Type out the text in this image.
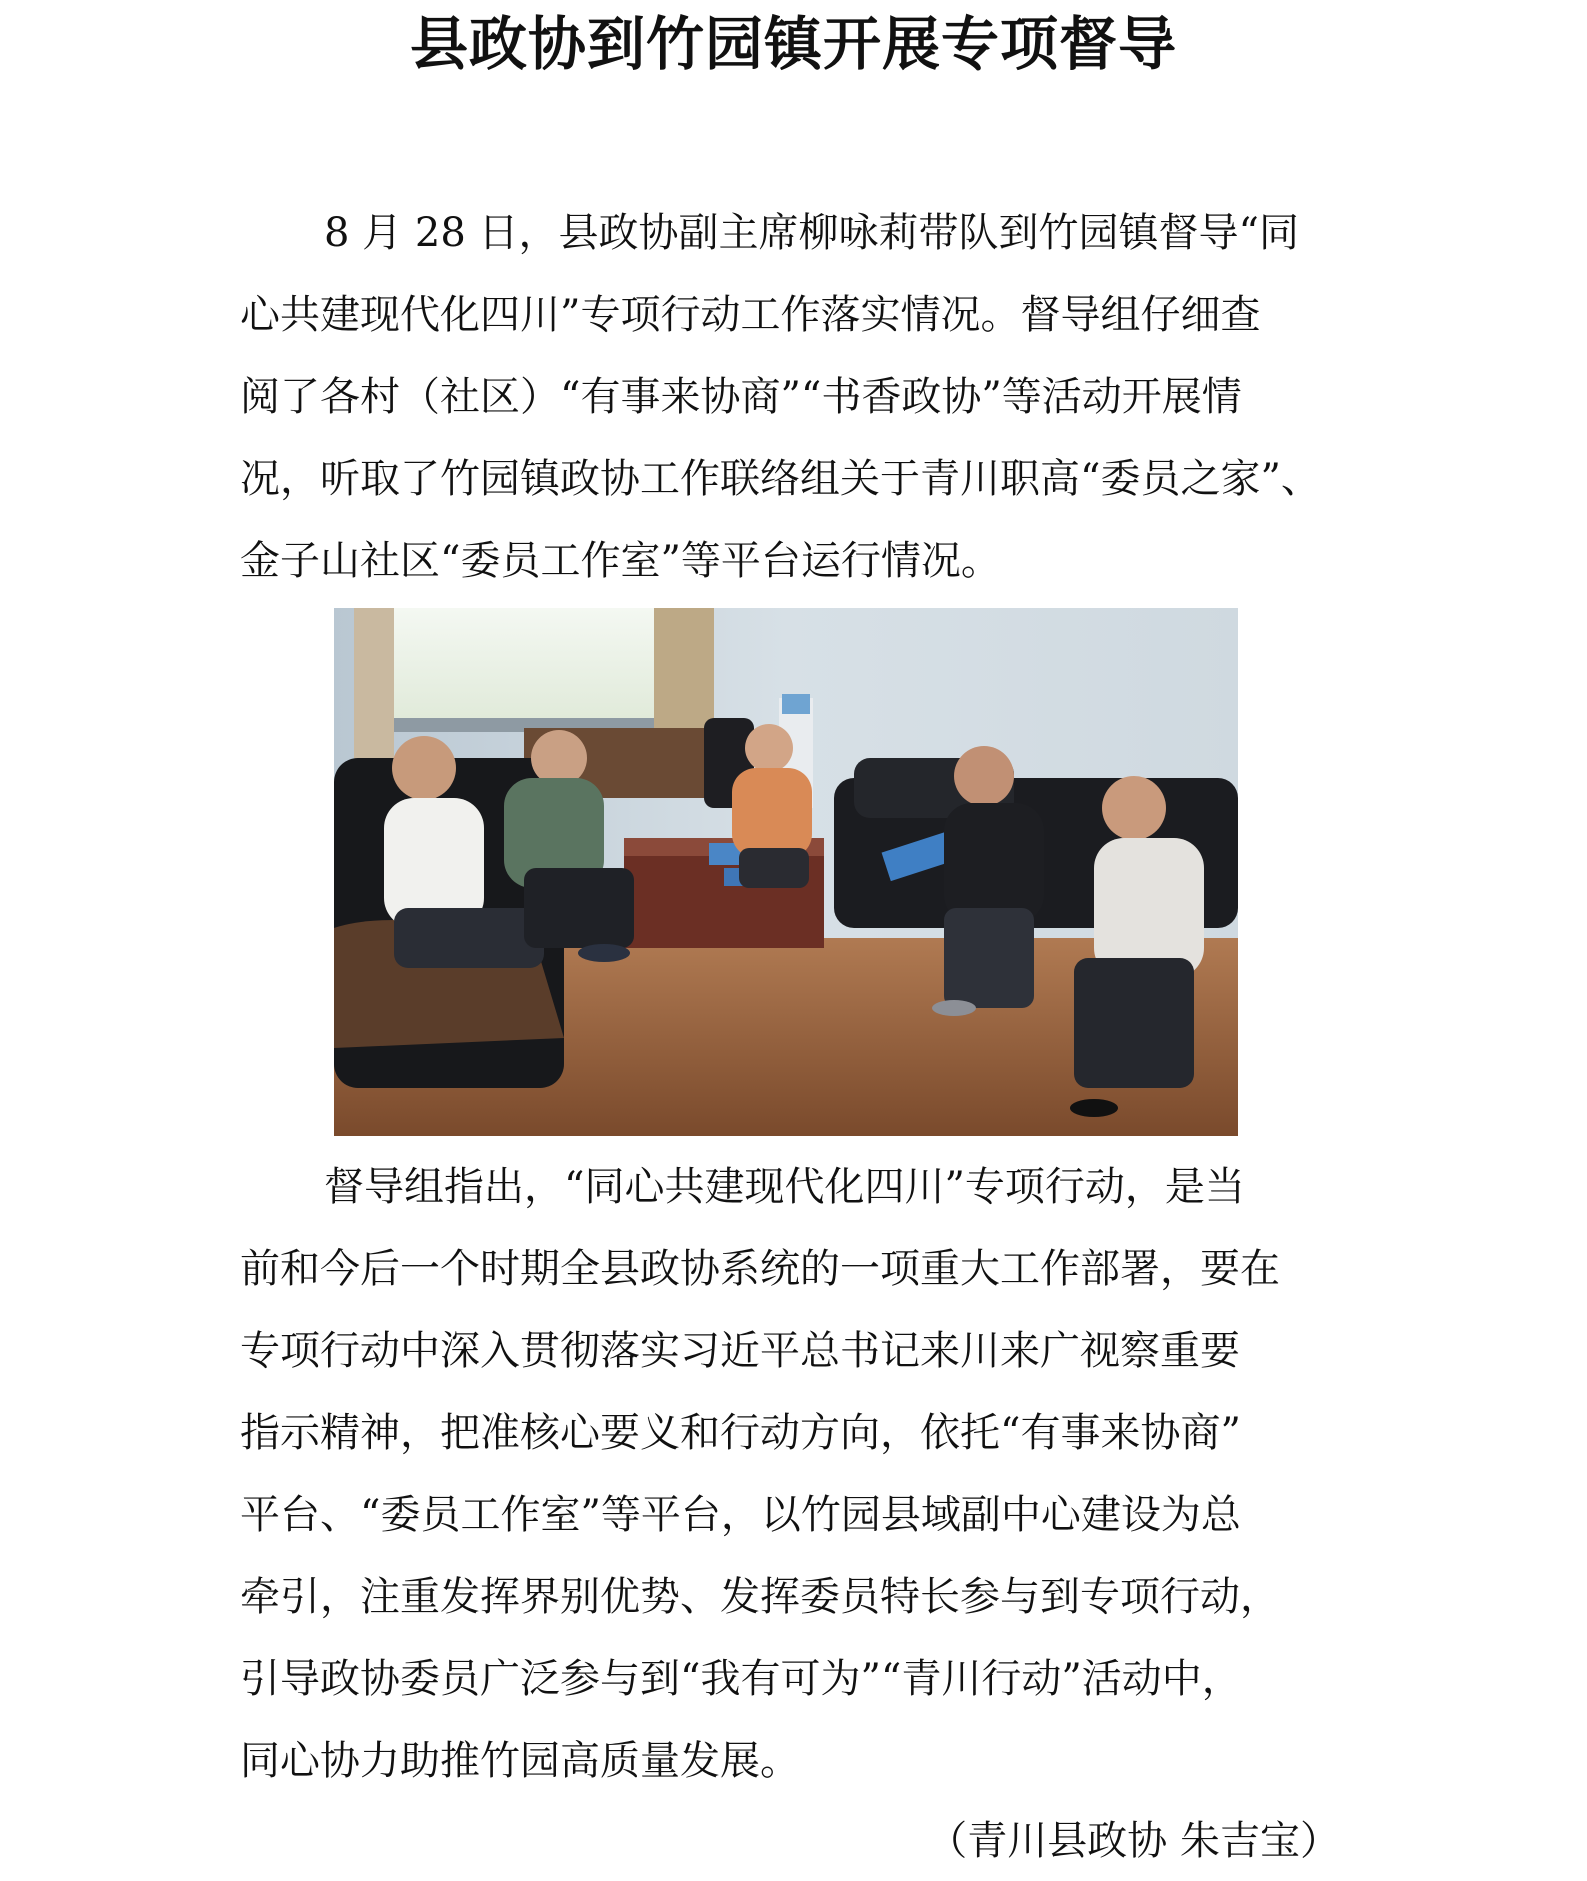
县政协到竹园镇开展专项督导
8 月 28 日，县政协副主席柳咏莉带队到竹园镇督导“同
心共建现代化四川”专项行动工作落实情况。督导组仔细查
阅了各村（社区）“有事来协商”“书香政协”等活动开展情
况，听取了竹园镇政协工作联络组关于青川职高“委员之家”、
金子山社区“委员工作室”等平台运行情况。
督导组指出，“同心共建现代化四川”专项行动，是当
前和今后一个时期全县政协系统的一项重大工作部署，要在
专项行动中深入贯彻落实习近平总书记来川来广视察重要
指示精神，把准核心要义和行动方向，依托“有事来协商”
平台、“委员工作室”等平台，以竹园县域副中心建设为总
牵引，注重发挥界别优势、发挥委员特长参与到专项行动，
引导政协委员广泛参与到“我有可为”“青川行动”活动中，
同心协力助推竹园高质量发展。
（青川县政协 朱吉宝）
